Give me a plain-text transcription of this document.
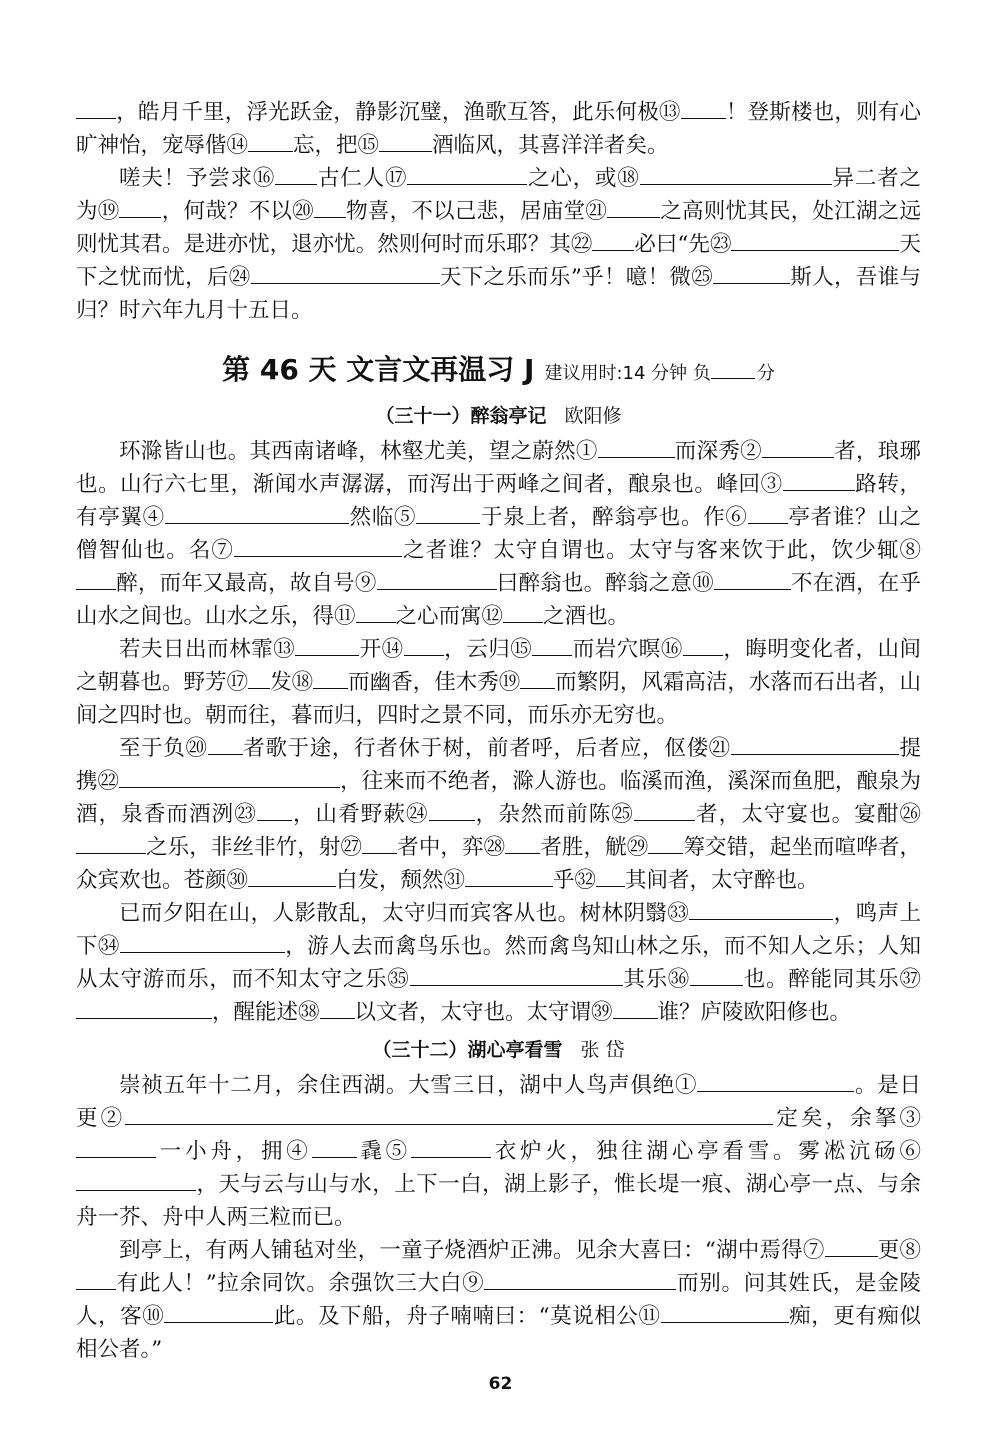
，皓月千里，浮光跃金，静影沉璧，渔歌互答，此乐何极⑬ ！登斯楼也，则有心旷神怡，宠辱偕⑭ 忘，把⑮ 酒临风，其喜洋洋者矣。

嗟夫！予尝求⑯ 古仁人⑰	之心，或⑱	异二者之为⑲ ，何哉？不以⑳ 物喜，不以己悲，居庙堂㉑ 之高则忧其民，处江湖之远则忧其君。是进亦忧，退亦忧。然则何时而乐耶？其㉒ 必曰“先㉓	天下之忧而忧，后㉔	天下之乐而乐”乎！噫！微㉕	斯人，吾谁与归？时六年九月十五日。

第 46 天 文言文再温习 J 建议用时:14 分钟 负	分
（三十一）醉翁亭记 欧阳修

环滁皆山也。其西南诸峰，林壑尤美，望之蔚然①	而深秀②	者，琅琊也。山行六七里，渐闻水声潺潺，而泻出于两峰之间者，酿泉也。峰回③	路转，有亭翼④	然临⑤	于泉上者，醉翁亭也。作⑥ 亭者谁？山之僧智仙也。名⑦	之者谁？太守自谓也。太守与客来饮于此，饮少辄⑧醉，而年又最高，故自号⑨	曰醉翁也。醉翁之意⑩	不在酒，在乎山水之间也。山水之乐，得⑪ 之心而寓⑫ 之酒也。

若夫日出而林霏⑬	开⑭ ，云归⑮ 而岩穴暝⑯ ，晦明变化者，山间之朝暮也。野芳⑰ 发⑱ 而幽香，佳木秀⑲ 而繁阴，风霜高洁，水落而石出者，山间之四时也。朝而往，暮而归，四时之景不同，而乐亦无穷也。

至于负⑳ 者歌于途，行者休于树，前者呼，后者应，伛偻㉑	提携㉒	，往来而不绝者，滁人游也。临溪而渔，溪深而鱼肥，酿泉为酒，泉香而酒洌㉓ ，山肴野蔌㉔ ，杂然而前陈㉕	者，太守宴也。宴酣㉖之乐，非丝非竹，射㉗ 者中，弈㉘ 者胜，觥㉙ 筹交错，起坐而喧哗者，众宾欢也。苍颜㉚	白发，颓然㉛	乎㉜ 其间者，太守醉也。

已而夕阳在山，人影散乱，太守归而宾客从也。树林阴翳㉝	，鸣声上下㉞	，游人去而禽鸟乐也。然而禽鸟知山林之乐，而不知人之乐；人知从太守游而乐，而不知太守之乐㉟	其乐㊱ 也。醉能同其乐㊲，醒能述㊳ 以文者，太守也。太守谓㊴ 谁？庐陵欧阳修也。

（三十二）湖心亭看雪 张 岱

崇祯五年十二月，余住西湖。大雪三日，湖中人鸟声俱绝①	。是日更②	定矣，余拏③一小舟，拥④ 毳⑤	衣炉火，独往湖心亭看雪。雾凇沆砀⑥，天与云与山与水，上下一白，湖上影子，惟长堤一痕、湖心亭一点、与余舟一芥、舟中人两三粒而已。

到亭上，有两人铺毡对坐，一童子烧酒炉正沸。见余大喜曰：“湖中焉得⑦ 更⑧有此人！”拉余同饮。余强饮三大白⑨	而别。问其姓氏，是金陵人，客⑩	此。及下船，舟子喃喃曰：“莫说相公⑪	痴，更有痴似相公者。”

62
